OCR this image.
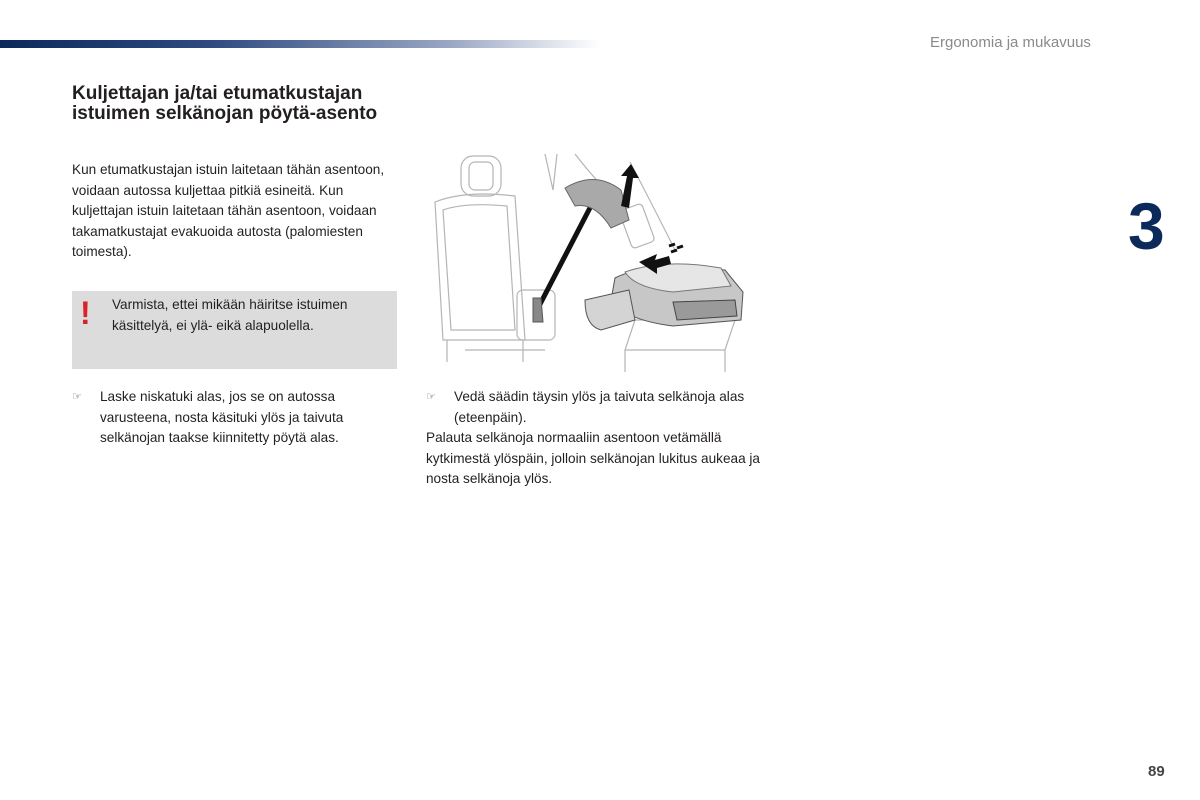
Ergonomia ja mukavuus
3
89
Kuljettajan ja/tai etumatkustajan istuimen selkänojan pöytä-asento

Kun etumatkustajan istuin laitetaan tähän asentoon, voidaan autossa kuljettaa pitkiä esineitä. Kun kuljettajan istuin laitetaan tähän asentoon, voidaan takamatkustajat evakuoida autosta (palomiesten toimesta).

! Varmista, ettei mikään häiritse istuimen käsittelyä, ei ylä- eikä alapuolella.

☞	Laske niskatuki alas, jos se on autossa varusteena, nosta käsituki ylös ja taivuta selkänojan taakse kiinnitetty pöytä alas.
☞	Vedä säädin täysin ylös ja taivuta selkänoja alas (eteenpäin).

Palauta selkänoja normaaliin asentoon vetämällä kytkimestä ylöspäin, jolloin selkänojan lukitus aukeaa ja nosta selkänoja ylös.
